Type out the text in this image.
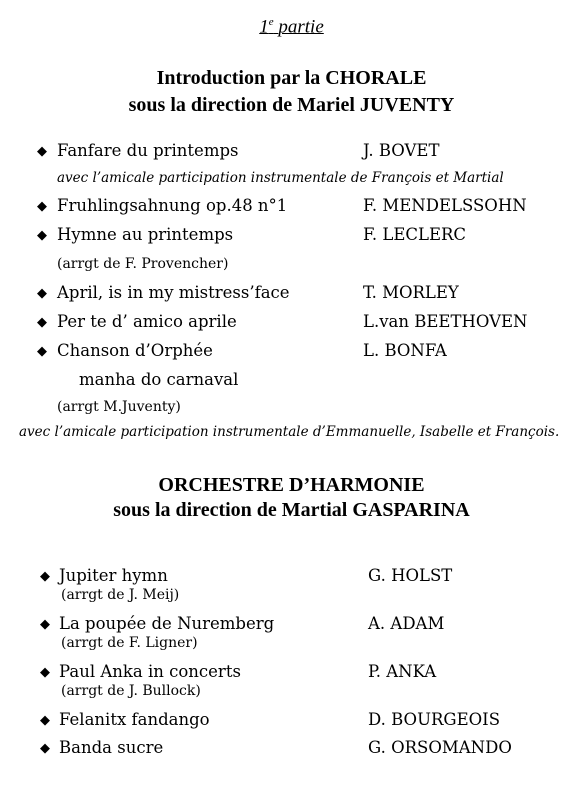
1e partie
Introduction par la CHORALE
sous la direction de Mariel JUVENTY
◆ Fanfare du printemps	J. BOVET
avec l’amicale participation instrumentale de François et Martial
◆ Fruhlingsahnung op.48 n°1	F. MENDELSSOHN
◆ Hymne au printemps	F. LECLERC
(arrgt de F. Provencher)
◆ April, is in my mistress’face	T. MORLEY
◆ Per te d’ amico aprile	L.van BEETHOVEN
◆ Chanson d’Orphée	L. BONFA
manha do carnaval
(arrgt M.Juventy)
avec l’amicale participation instrumentale d’Emmanuelle, Isabelle et François.
ORCHESTRE D’HARMONIE
sous la direction de Martial GASPARINA
◆ Jupiter hymn	G. HOLST
(arrgt de J. Meij)
◆ La poupée de Nuremberg	A. ADAM
(arrgt de F. Ligner)
◆ Paul Anka in concerts	P. ANKA
(arrgt de J. Bullock)
◆ Felanitx fandango	D. BOURGEOIS
◆ Banda sucre	G. ORSOMANDO
